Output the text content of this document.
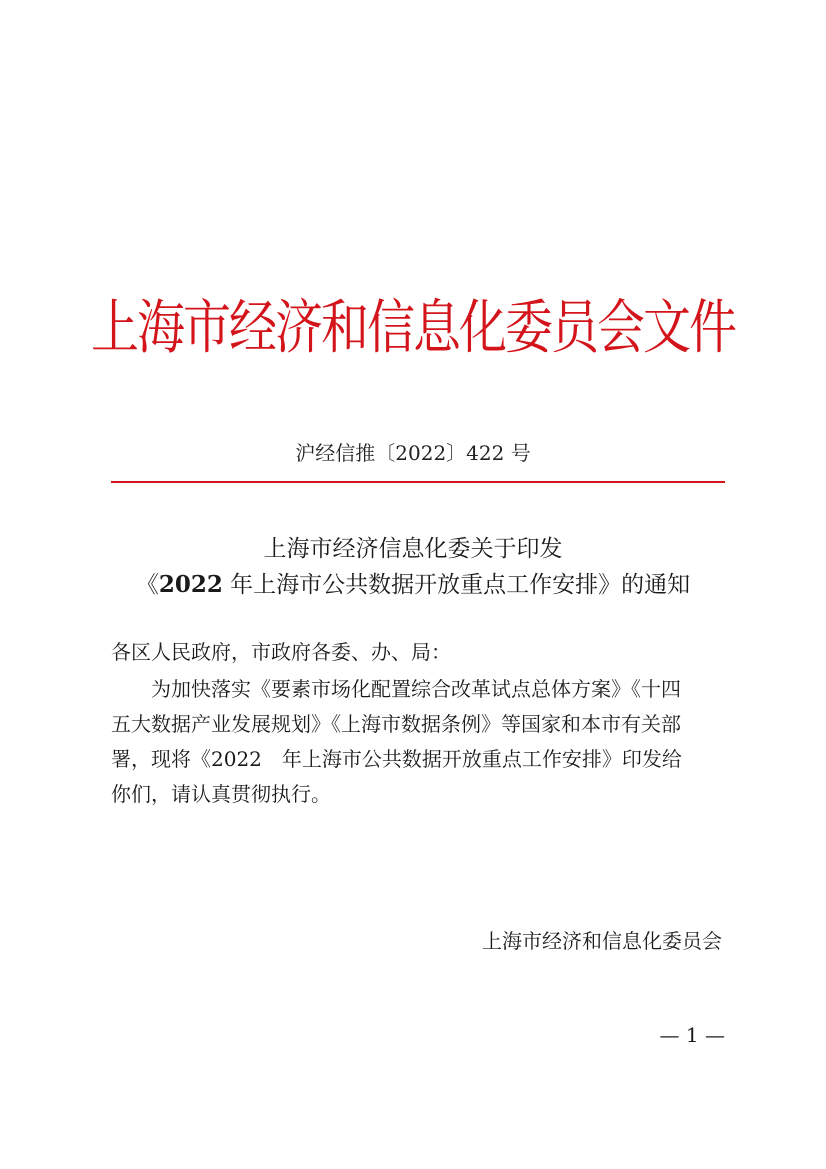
上海市经济和信息化委员会文件
沪经信推〔2022〕422 号
上海市经济信息化委关于印发
《2022 年上海市公共数据开放重点工作安排》的通知
各区人民政府，市政府各委、办、局：
为加快落实《要素市场化配置综合改革试点总体方案》《十四
五大数据产业发展规划》《上海市数据条例》等国家和本市有关部
署，现将《2022　年上海市公共数据开放重点工作安排》印发给
你们，请认真贯彻执行。
上海市经济和信息化委员会
— 1 —
